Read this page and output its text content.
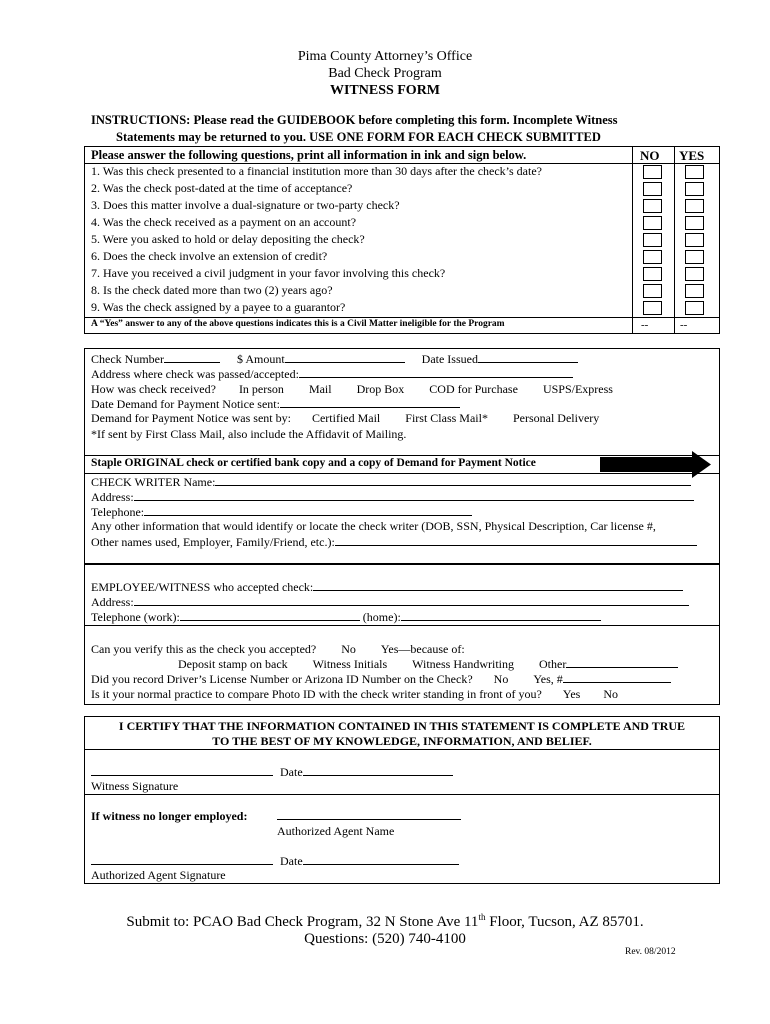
Pima County Attorney’s Office
Bad Check Program
WITNESS FORM
INSTRUCTIONS: Please read the GUIDEBOOK before completing this form. Incomplete Witness
Statements may be returned to you. USE ONE FORM FOR EACH CHECK SUBMITTED
Please answer the following questions, print all information in ink and sign below.	NO YES
1. Was this check presented to a financial institution more than 30 days after the check’s date?
2. Was the check post-dated at the time of acceptance?
3. Does this matter involve a dual-signature or two-party check?
4. Was the check received as a payment on an account?
5. Were you asked to hold or delay depositing the check?
6. Does the check involve an extension of credit?
7. Have you received a civil judgment in your favor involving this check?
8. Is the check dated more than two (2) years ago?
9. Was the check assigned by a payee to a guarantor?
A “Yes” answer to any of the above questions indicates this is a Civil Matter ineligible for the Program	--	--
Check Number	$ Amount	Date Issued
Address where check was passed/accepted:
How was check received? In person Mail Drop Box COD for Purchase USPS/Express
Date Demand for Payment Notice sent:
Demand for Payment Notice was sent by: Certified Mail First Class Mail* Personal Delivery
*If sent by First Class Mail, also include the Affidavit of Mailing.
Staple ORIGINAL check or certified bank copy and a copy of Demand for Payment Notice
CHECK WRITER Name:
Address:
Telephone:
Any other information that would identify or locate the check writer (DOB, SSN, Physical Description, Car license #,
Other names used, Employer, Family/Friend, etc.):
EMPLOYEE/WITNESS who accepted check:
Address:
Telephone (work):	(home):
Can you verify this as the check you accepted? No Yes—because of:
Deposit stamp on back Witness Initials Witness Handwriting Other
Did you record Driver’s License Number or Arizona ID Number on the Check? No Yes, #
Is it your normal practice to compare Photo ID with the check writer standing in front of you? Yes No
I CERTIFY THAT THE INFORMATION CONTAINED IN THIS STATEMENT IS COMPLETE AND TRUE
TO THE BEST OF MY KNOWLEDGE, INFORMATION, AND BELIEF.
Date
Witness Signature
If witness no longer employed:
Authorized Agent Name
Date
Authorized Agent Signature
Submit to: PCAO Bad Check Program, 32 N Stone Ave 11th Floor, Tucson, AZ 85701.
Questions: (520) 740-4100
Rev. 08/2012
